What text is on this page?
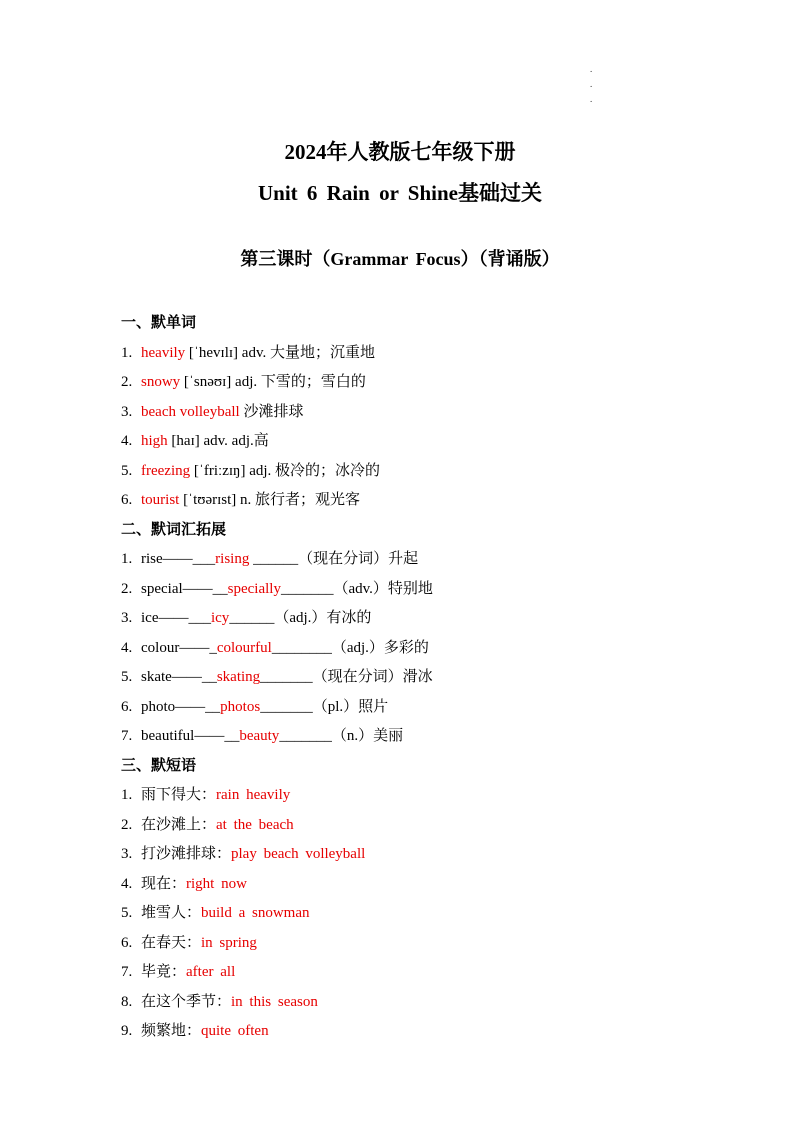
.
.
.
2024年人教版七年级下册
Unit 6 Rain or Shine基础过关
第三课时（Grammar Focus）（背诵版）
一、默单词
1. heavily [ˈhevɪlɪ] adv. 大量地；沉重地
2. snowy [ˈsnəʊɪ] adj. 下雪的；雪白的
3. beach volleyball 沙滩排球
4. high [haɪ] adv. adj.高
5. freezing [ˈfriːzɪŋ] adj. 极冷的；冰冷的
6. tourist [ˈtʊərɪst] n. 旅行者；观光客
二、默词汇拓展
1. rise——___rising ______（现在分词）升起
2. special——__specially_______（adv.）特别地
3. ice——___icy______（adj.）有冰的
4. colour——_colourful________（adj.）多彩的
5. skate——__skating_______（现在分词）滑冰
6. photo——__photos_______（pl.）照片
7. beautiful——__beauty_______（n.）美丽
三、默短语
1. 雨下得大：rain heavily
2. 在沙滩上：at the beach
3. 打沙滩排球：play beach volleyball
4. 现在：right now
5. 堆雪人：build a snowman
6. 在春天：in spring
7. 毕竟：after all
8. 在这个季节：in this season
9. 频繁地：quite often
